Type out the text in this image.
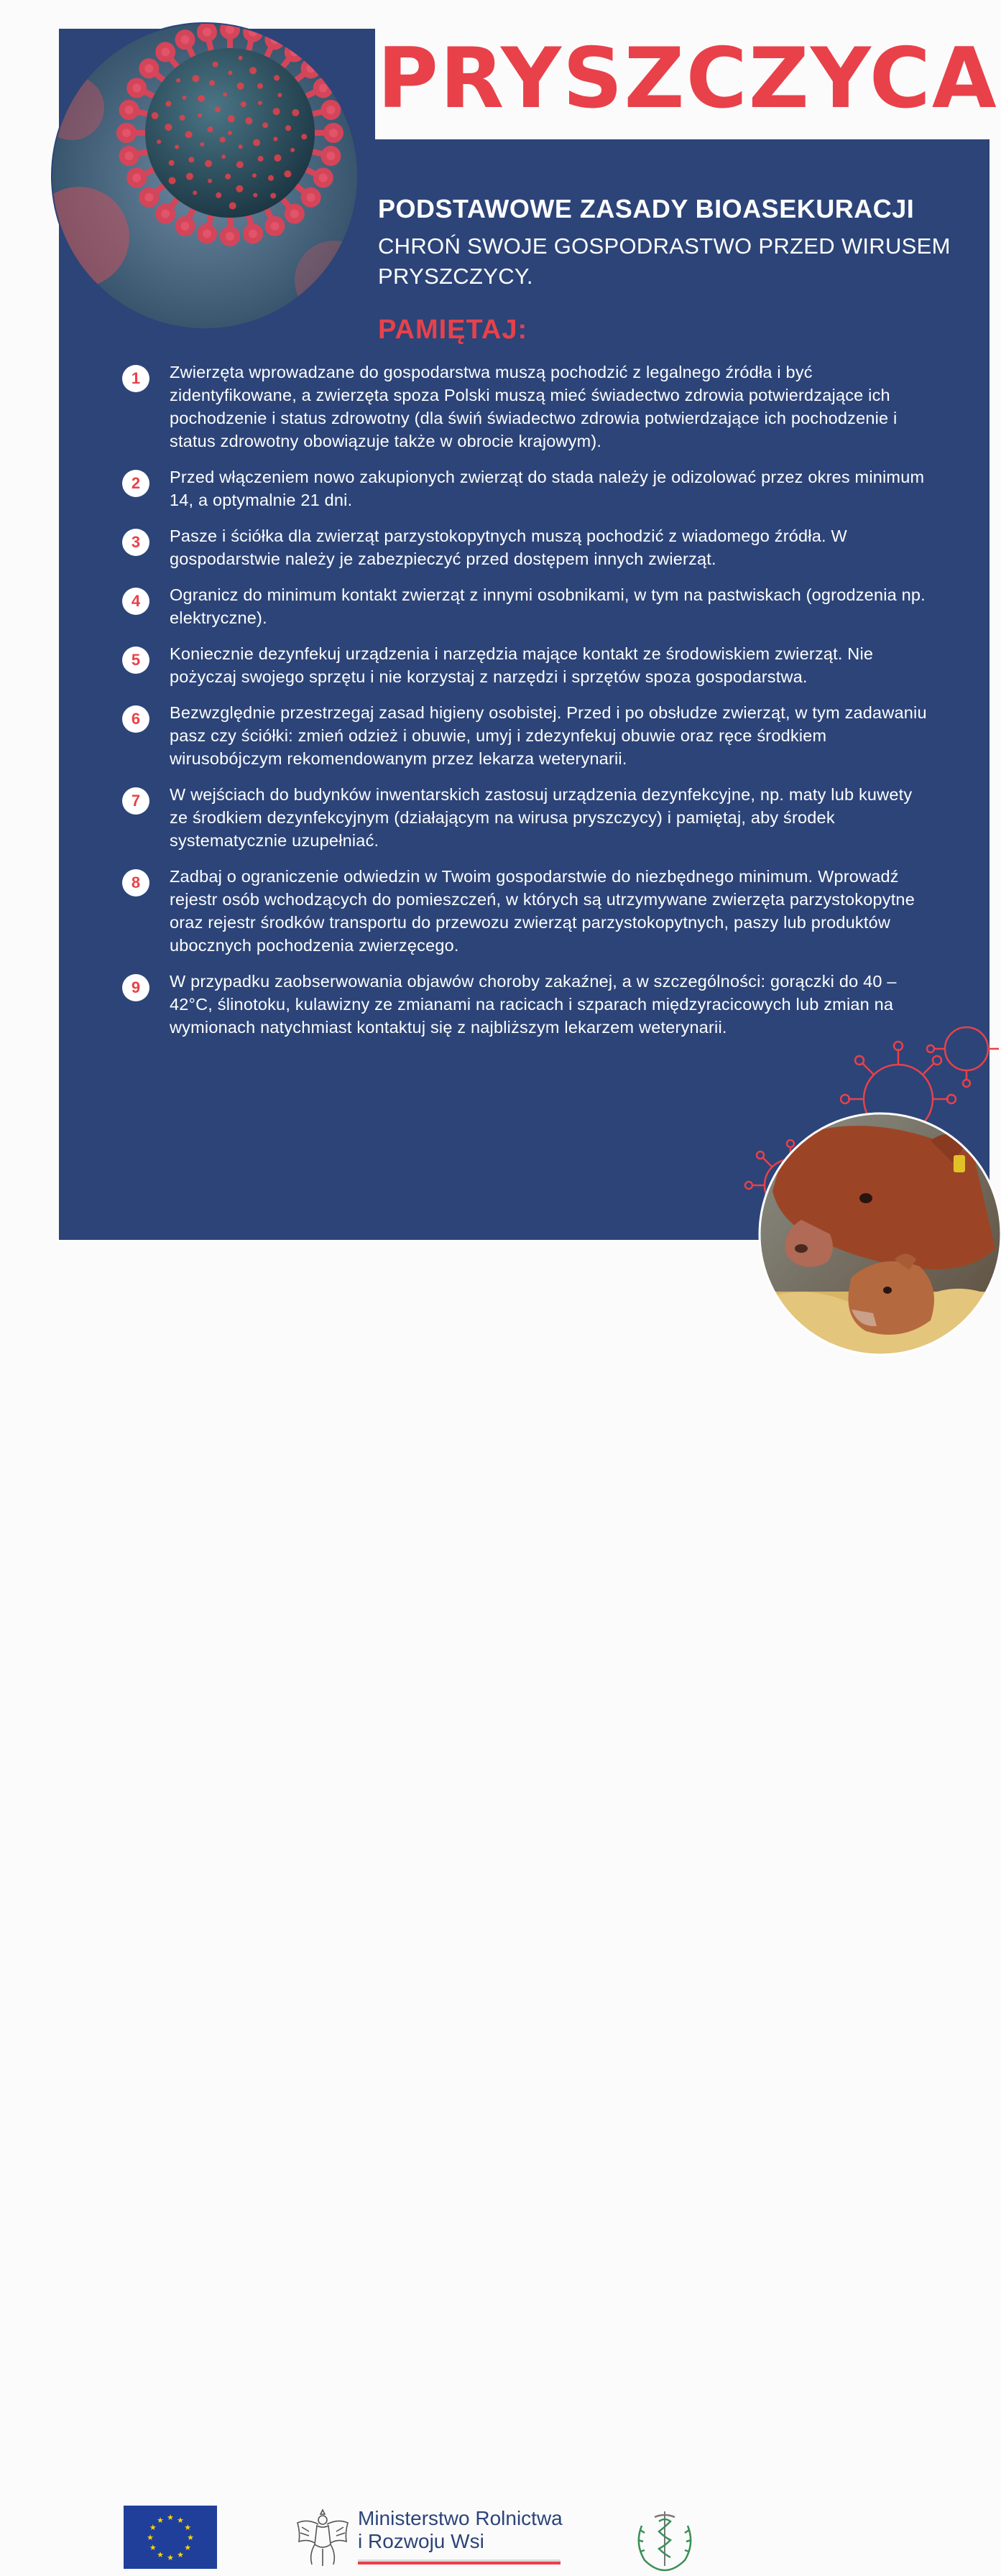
PRYSZCZYCA
PODSTAWOWE ZASADY BIOASEKURACJI

CHROŃ SWOJE GOSPODRASTWO PRZED WIRUSEM PRYSZCZYCY.

PAMIĘTAJ:
1	Zwierzęta wprowadzane do gospodarstwa muszą pochodzić z legalnego źródła i być zidentyfikowane, a zwierzęta spoza Polski muszą mieć świadectwo zdrowia potwierdzające ich pochodzenie i status zdrowotny (dla świń świadectwo zdrowia potwierdzające ich pochodzenie i status zdrowotny obowiązuje także w obrocie krajowym).

2	Przed włączeniem nowo zakupionych zwierząt do stada należy je odizolować przez okres minimum 14, a optymalnie 21 dni.

3	Pasze i ściółka dla zwierząt parzystokopytnych muszą pochodzić z wiadomego źródła. W gospodarstwie należy je zabezpieczyć przed dostępem innych zwierząt.

4	Ogranicz do minimum kontakt zwierząt z innymi osobnikami, w tym na pastwiskach (ogrodzenia np. elektryczne).

5	Koniecznie dezynfekuj urządzenia i narzędzia mające kontakt ze środowiskiem zwierząt. Nie pożyczaj swojego sprzętu i nie korzystaj z narzędzi i sprzętów spoza gospodarstwa.

6	Bezwzględnie przestrzegaj zasad higieny osobistej. Przed i po obsłudze zwierząt, w tym zadawaniu pasz czy ściółki: zmień odzież i obuwie, umyj i zdezynfekuj obuwie oraz ręce środkiem wirusobójczym rekomendowanym przez lekarza weterynarii.

7	W wejściach do budynków inwentarskich zastosuj urządzenia dezynfekcyjne, np. maty lub kuwety ze środkiem dezynfekcyjnym (działającym na wirusa pryszczycy) i pamiętaj, aby środek systematycznie uzupełniać.

8	Zadbaj o ograniczenie odwiedzin w Twoim gospodarstwie do niezbędnego minimum. Wprowadź rejestr osób wchodzących do pomieszczeń, w których są utrzymywane zwierzęta parzystokopytne oraz rejestr środków transportu do przewozu zwierząt parzystokopytnych, paszy lub produktów ubocznych pochodzenia zwierzęcego.

9	W przypadku zaobserwowania objawów choroby zakaźnej, a w szczególności: gorączki do 40 – 42°C, ślinotoku, kulawizny ze zmianami na racicach i szparach międzyracicowych lub zmian na wymionach natychmiast kontaktuj się z najbliższym lekarzem weterynarii.

★ ★
★
★
★
★
★
★
★
★
★
★	Ministerstwo Rolnictwa
i Rozwoju Wsi
